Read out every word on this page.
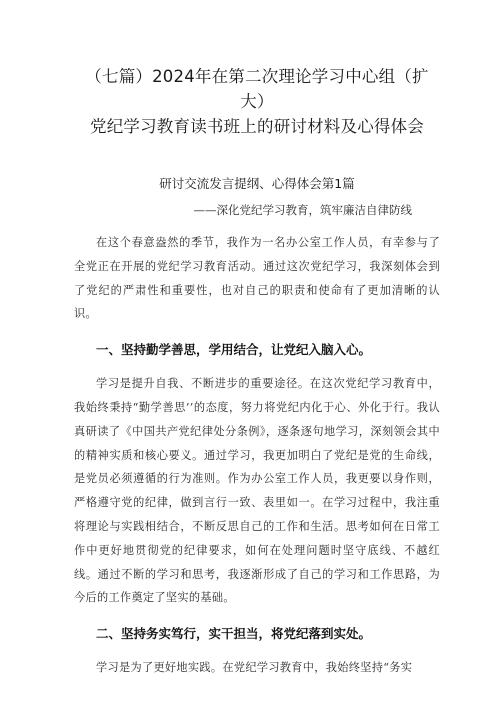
（七篇）2024年在第二次理论学习中心组（扩大）
党纪学习教育读书班上的研讨材料及心得体会
研讨交流发言提纲、心得体会第1篇
——深化党纪学习教育，筑牢廉洁自律防线

在这个春意盎然的季节，我作为一名办公室工作人员，有幸参与了全党正在开展的党纪学习教育活动。通过这次党纪学习，我深刻体会到了党纪的严肃性和重要性，也对自己的职责和使命有了更加清晰的认识。

一、坚持勤学善思，学用结合，让党纪入脑入心。

学习是提升自我、不断进步的重要途径。在这次党纪学习教育中，我始终秉持“勤学善思’’的态度，努力将党纪内化于心、外化于行。我认真研读了《中国共产党纪律处分条例》，逐条逐句地学习，深刻领会其中的精神实质和核心要义。通过学习，我更加明白了党纪是党的生命线，是党员必须遵循的行为准则。作为办公室工作人员，我更要以身作则，严格遵守党的纪律，做到言行一致、表里如一。在学习过程中，我注重将理论与实践相结合，不断反思自己的工作和生活。思考如何在日常工作中更好地贯彻党的纪律要求，如何在处理问题时坚守底线、不越红线。通过不断的学习和思考，我逐渐形成了自己的学习和工作思路，为今后的工作奠定了坚实的基础。

二、坚持务实笃行，实干担当，将党纪落到实处。

学习是为了更好地实践。在党纪学习教育中，我始终坚持“务实
